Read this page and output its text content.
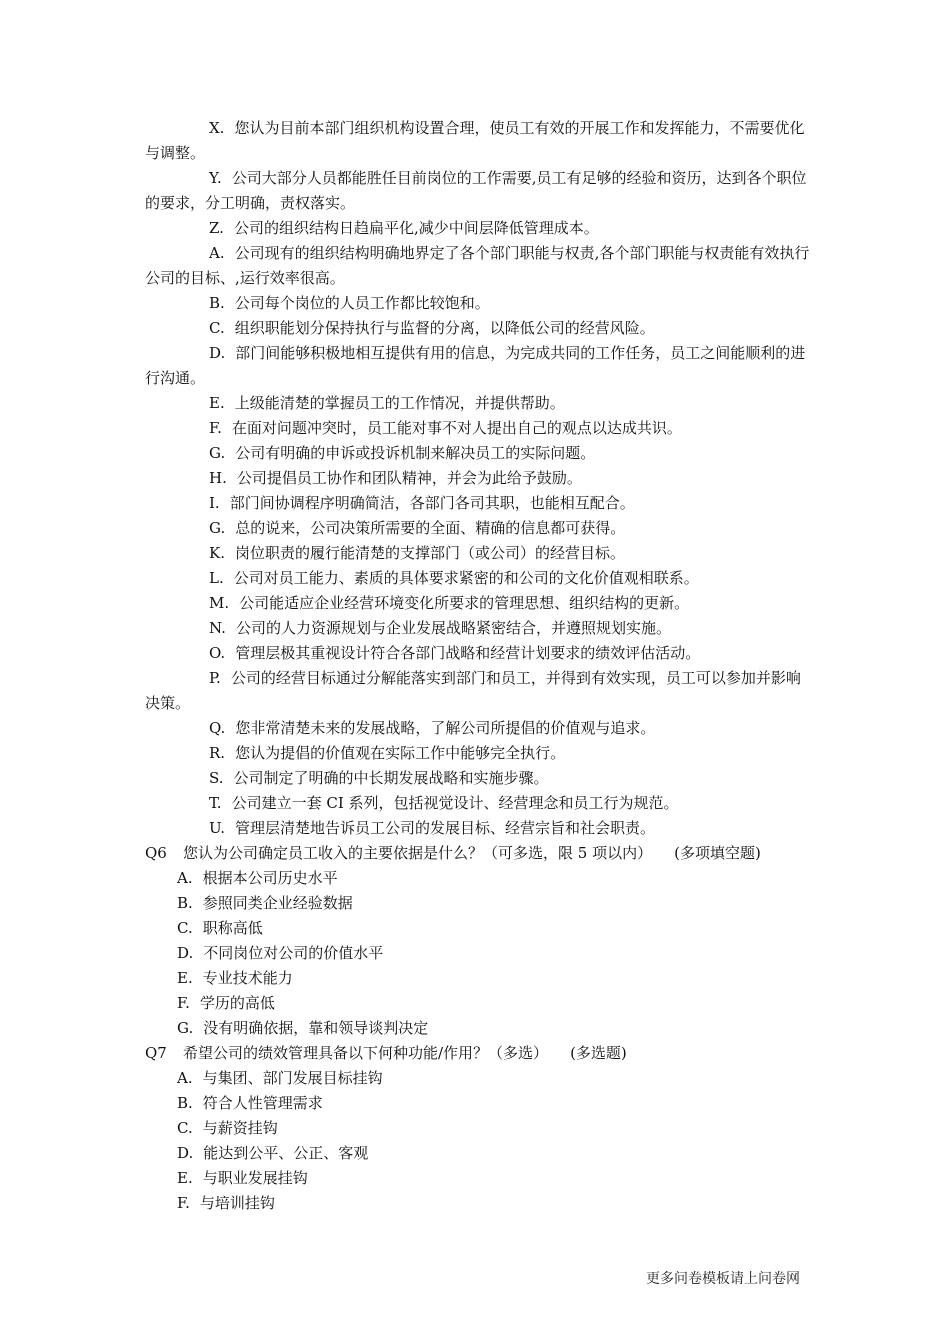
X. 您认为目前本部门组织机构设置合理，使员工有效的开展工作和发挥能力，不需要优化与调整。

Y. 公司大部分人员都能胜任目前岗位的工作需要,员工有足够的经验和资历，达到各个职位的要求，分工明确，责权落实。

Z. 公司的组织结构日趋扁平化,减少中间层降低管理成本。

A. 公司现有的组织结构明确地界定了各个部门职能与权责,各个部门职能与权责能有效执行公司的目标、,运行效率很高。

B. 公司每个岗位的人员工作都比较饱和。

C. 组织职能划分保持执行与监督的分离，以降低公司的经营风险。

D. 部门间能够积极地相互提供有用的信息，为完成共同的工作任务，员工之间能顺利的进行沟通。

E. 上级能清楚的掌握员工的工作情况，并提供帮助。

F. 在面对问题冲突时，员工能对事不对人提出自己的观点以达成共识。

G. 公司有明确的申诉或投诉机制来解决员工的实际问题。

H. 公司提倡员工协作和团队精神，并会为此给予鼓励。

I. 部门间协调程序明确简洁，各部门各司其职，也能相互配合。

G. 总的说来，公司决策所需要的全面、精确的信息都可获得。

K. 岗位职责的履行能清楚的支撑部门（或公司）的经营目标。

L. 公司对员工能力、素质的具体要求紧密的和公司的文化价值观相联系。

M. 公司能适应企业经营环境变化所要求的管理思想、组织结构的更新。

N. 公司的人力资源规划与企业发展战略紧密结合，并遵照规划实施。

O. 管理层极其重视设计符合各部门战略和经营计划要求的绩效评估活动。

P. 公司的经营目标通过分解能落实到部门和员工，并得到有效实现，员工可以参加并影响决策。

Q. 您非常清楚未来的发展战略，了解公司所提倡的价值观与追求。

R. 您认为提倡的价值观在实际工作中能够完全执行。

S. 公司制定了明确的中长期发展战略和实施步骤。

T. 公司建立一套 CI 系列，包括视觉设计、经营理念和员工行为规范。

U. 管理层清楚地告诉员工公司的发展目标、经营宗旨和社会职责。

Q6 您认为公司确定员工收入的主要依据是什么？（可多选，限 5 项以内） (多项填空题)

A. 根据本公司历史水平

B. 参照同类企业经验数据

C. 职称高低

D. 不同岗位对公司的价值水平

E. 专业技术能力

F. 学历的高低

G. 没有明确依据，靠和领导谈判决定

Q7 希望公司的绩效管理具备以下何种功能/作用？（多选） (多选题)

A. 与集团、部门发展目标挂钩

B. 符合人性管理需求

C. 与薪资挂钩

D. 能达到公平、公正、客观

E. 与职业发展挂钩

F. 与培训挂钩

更多问卷模板请上问卷网
